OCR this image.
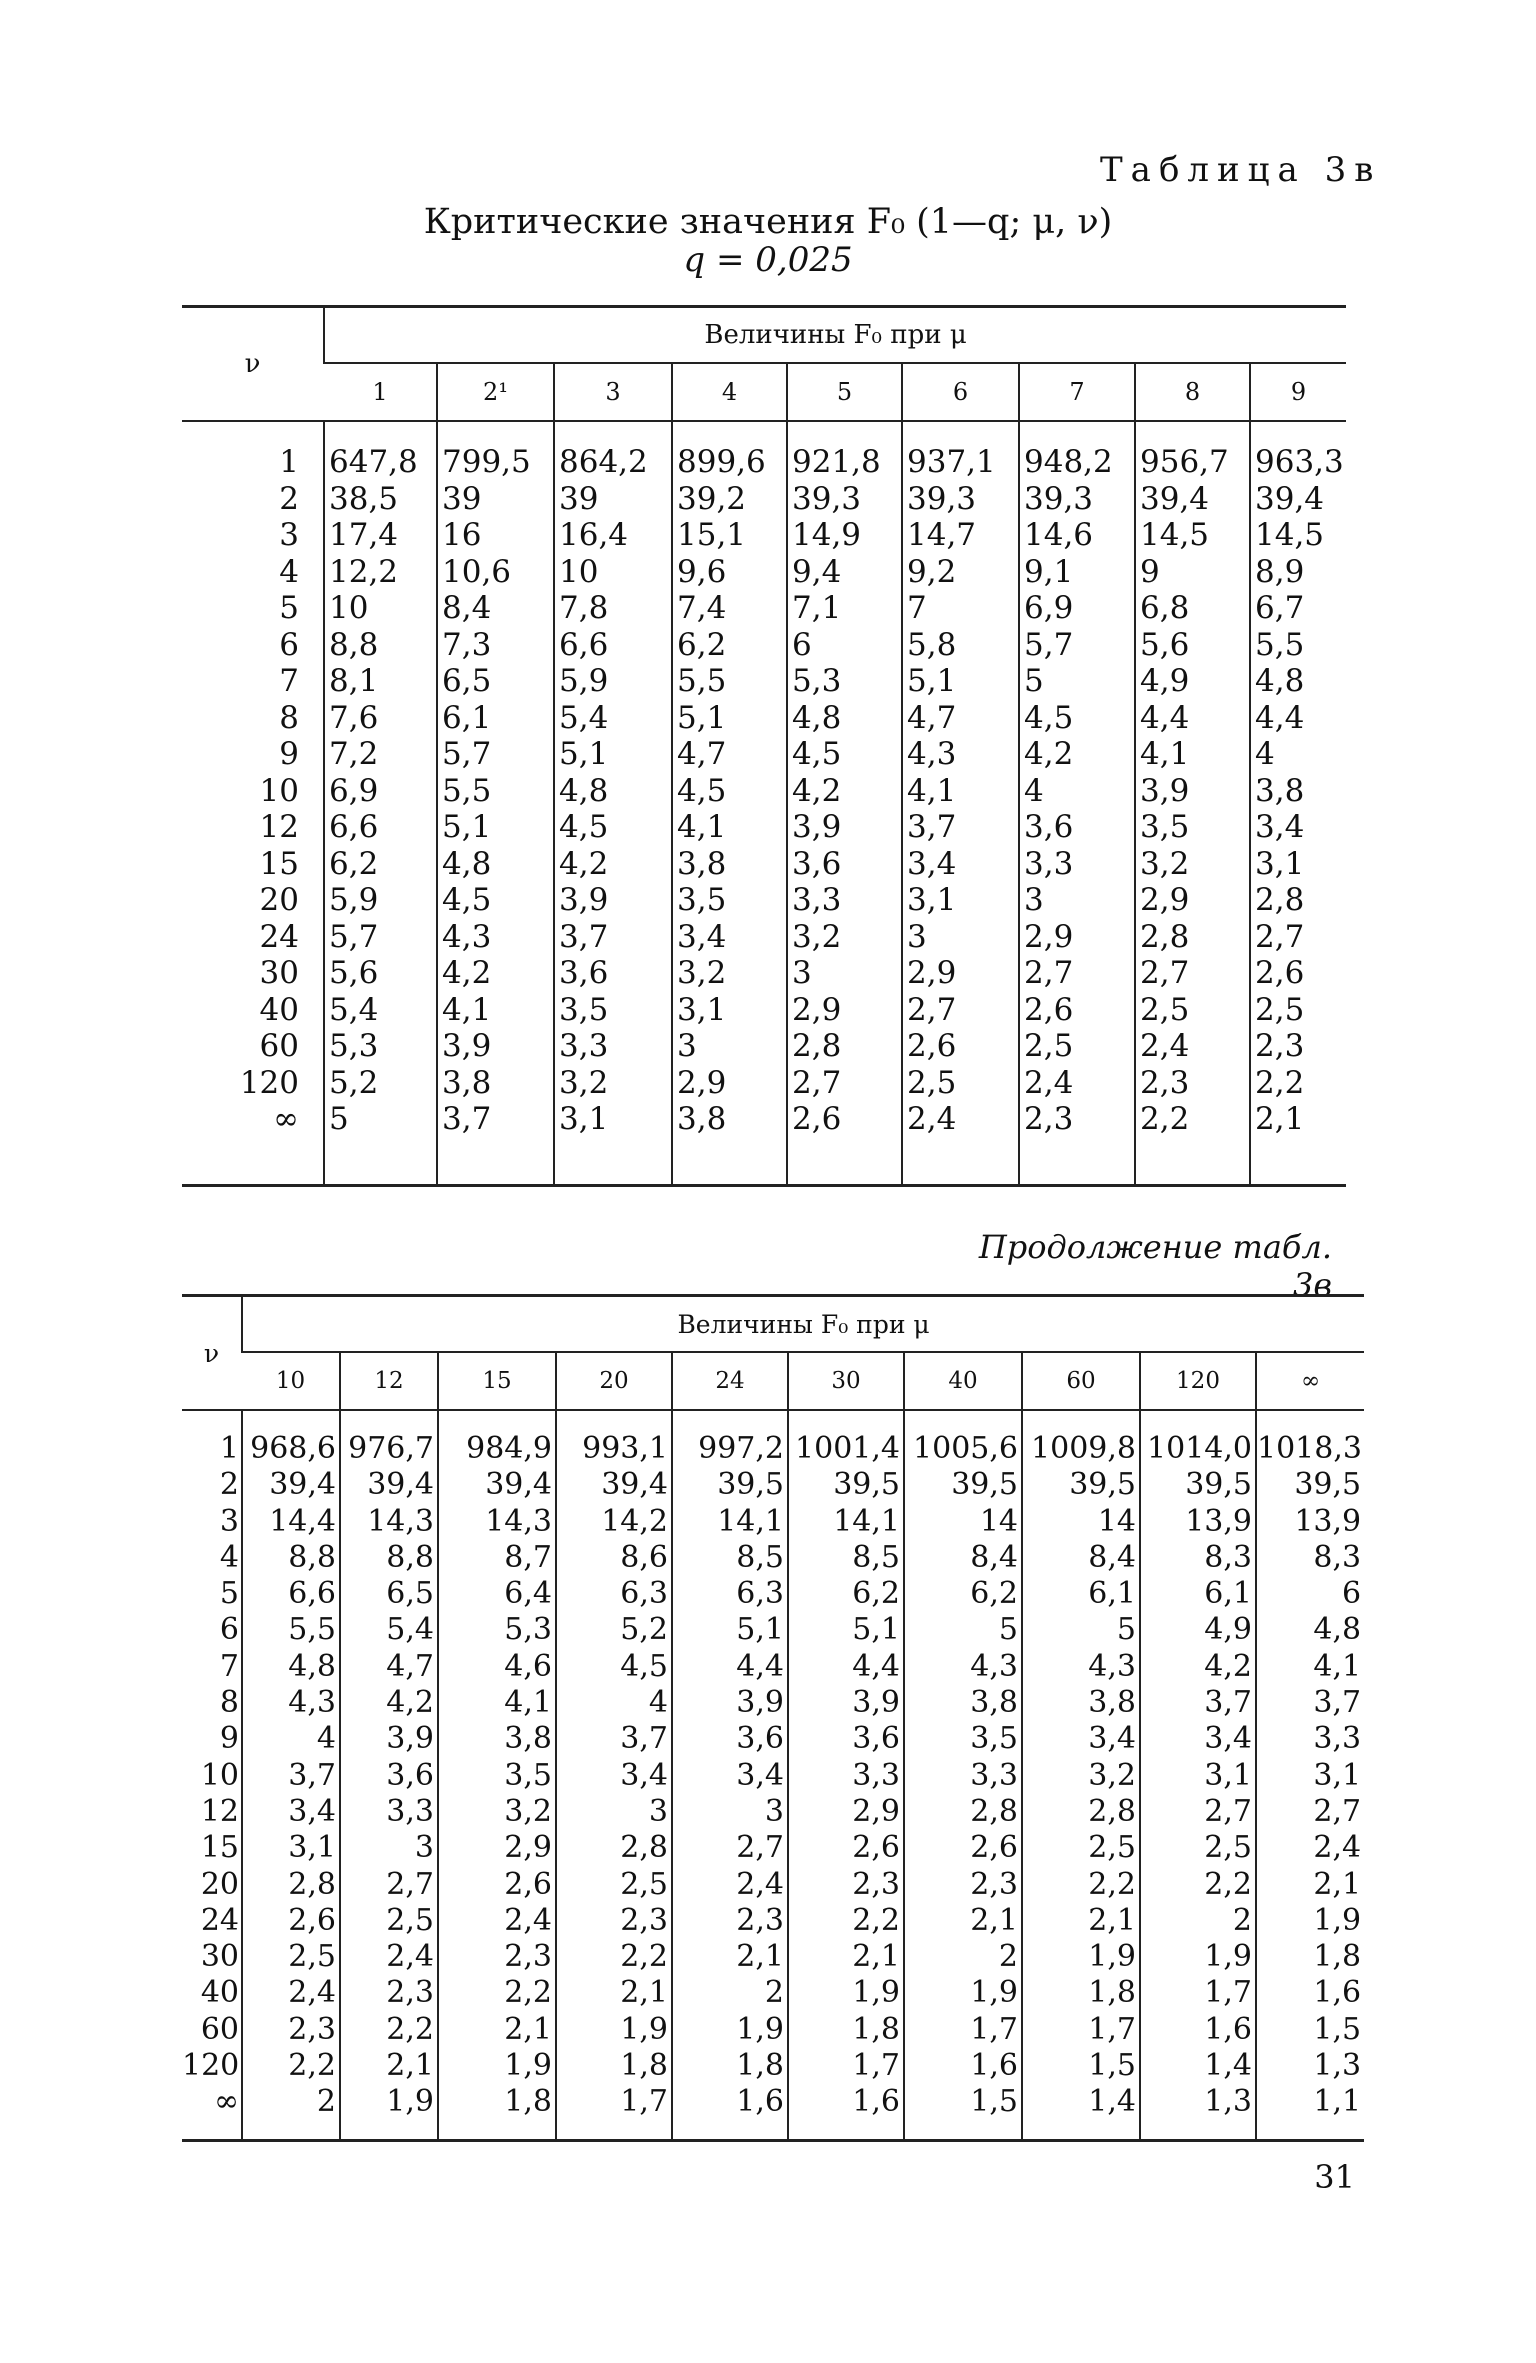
Таблица 3в
Критические значения F₀ (1—q; μ, ν)
q = 0,025
ν	Величины F₀ при μ								
	1	2¹	3	4	5	6	7	8	9

1	647,8	799,5	864,2	899,6	921,8	937,1	948,2	956,7	963,3
2	38,5	39	39	39,2	39,3	39,3	39,3	39,4	39,4
3	17,4	16	16,4	15,1	14,9	14,7	14,6	14,5	14,5
4	12,2	10,6	10	9,6	9,4	9,2	9,1	9	8,9
5	10	8,4	7,8	7,4	7,1	7	6,9	6,8	6,7
6	8,8	7,3	6,6	6,2	6	5,8	5,7	5,6	5,5
7	8,1	6,5	5,9	5,5	5,3	5,1	5	4,9	4,8
8	7,6	6,1	5,4	5,1	4,8	4,7	4,5	4,4	4,4
9	7,2	5,7	5,1	4,7	4,5	4,3	4,2	4,1	4
10	6,9	5,5	4,8	4,5	4,2	4,1	4	3,9	3,8
12	6,6	5,1	4,5	4,1	3,9	3,7	3,6	3,5	3,4
15	6,2	4,8	4,2	3,8	3,6	3,4	3,3	3,2	3,1
20	5,9	4,5	3,9	3,5	3,3	3,1	3	2,9	2,8
24	5,7	4,3	3,7	3,4	3,2	3	2,9	2,8	2,7
30	5,6	4,2	3,6	3,2	3	2,9	2,7	2,7	2,6
40	5,4	4,1	3,5	3,1	2,9	2,7	2,6	2,5	2,5
60	5,3	3,9	3,3	3	2,8	2,6	2,5	2,4	2,3
120	5,2	3,8	3,2	2,9	2,7	2,5	2,4	2,3	2,2
∞	5	3,7	3,1	3,8	2,6	2,4	2,3	2,2	2,1

Продолжение табл. 3в
ν	Величины F₀ при μ									
	10	12	15	20	24	30	40	60	120	∞

1	968,6	976,7	984,9	993,1	997,2	1001,4	1005,6	1009,8	1014,0	1018,3
2	39,4	39,4	39,4	39,4	39,5	39,5	39,5	39,5	39,5	39,5
3	14,4	14,3	14,3	14,2	14,1	14,1	14	14	13,9	13,9
4	8,8	8,8	8,7	8,6	8,5	8,5	8,4	8,4	8,3	8,3
5	6,6	6,5	6,4	6,3	6,3	6,2	6,2	6,1	6,1	6
6	5,5	5,4	5,3	5,2	5,1	5,1	5	5	4,9	4,8
7	4,8	4,7	4,6	4,5	4,4	4,4	4,3	4,3	4,2	4,1
8	4,3	4,2	4,1	4	3,9	3,9	3,8	3,8	3,7	3,7
9	4	3,9	3,8	3,7	3,6	3,6	3,5	3,4	3,4	3,3
10	3,7	3,6	3,5	3,4	3,4	3,3	3,3	3,2	3,1	3,1
12	3,4	3,3	3,2	3	3	2,9	2,8	2,8	2,7	2,7
15	3,1	3	2,9	2,8	2,7	2,6	2,6	2,5	2,5	2,4
20	2,8	2,7	2,6	2,5	2,4	2,3	2,3	2,2	2,2	2,1
24	2,6	2,5	2,4	2,3	2,3	2,2	2,1	2,1	2	1,9
30	2,5	2,4	2,3	2,2	2,1	2,1	2	1,9	1,9	1,8
40	2,4	2,3	2,2	2,1	2	1,9	1,9	1,8	1,7	1,6
60	2,3	2,2	2,1	1,9	1,9	1,8	1,7	1,7	1,6	1,5
120	2,2	2,1	1,9	1,8	1,8	1,7	1,6	1,5	1,4	1,3
∞	2	1,9	1,8	1,7	1,6	1,6	1,5	1,4	1,3	1,1

31
